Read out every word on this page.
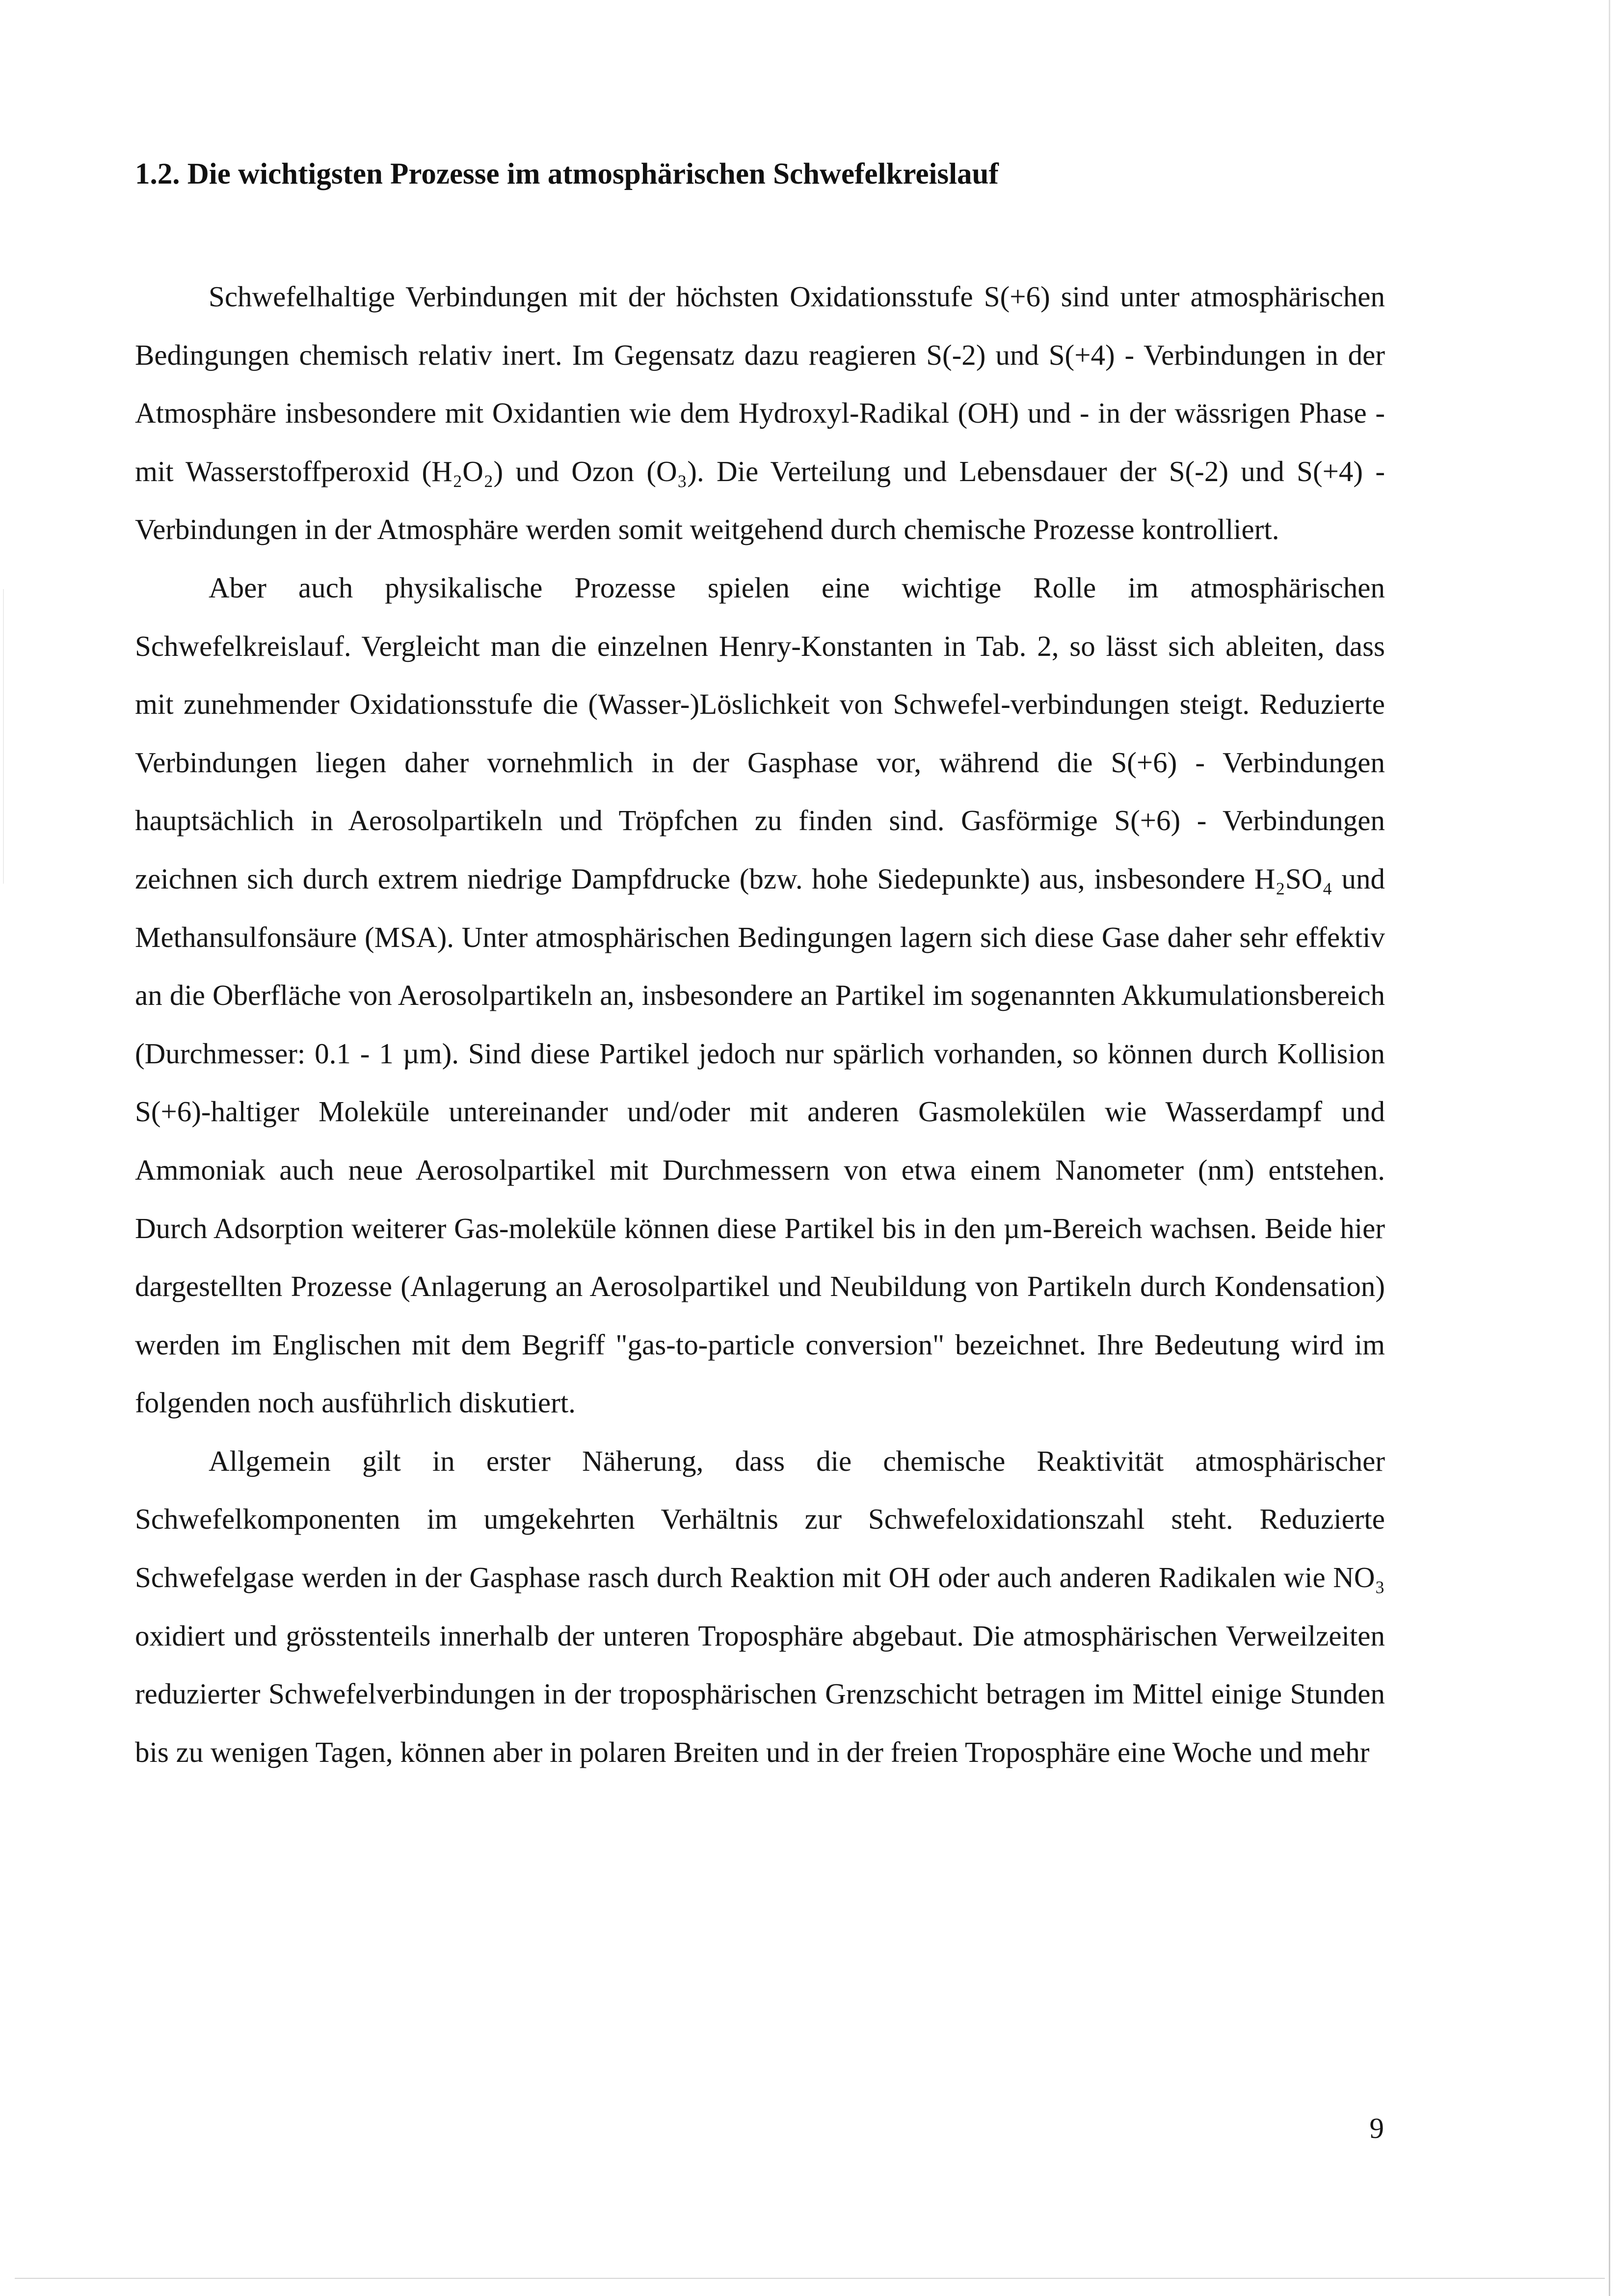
1.2. Die wichtigsten Prozesse im atmosphärischen Schwefelkreislauf

Schwefelhaltige Verbindungen mit der höchsten Oxidationsstufe S(+6) sind unter atmosphärischen Bedingungen chemisch relativ inert. Im Gegensatz dazu reagieren S(-2) und S(+4) - Verbindungen in der Atmosphäre insbesondere mit Oxidantien wie dem Hydroxyl-Radikal (OH) und - in der wässrigen Phase - mit Wasserstoffperoxid (H₂O₂) und Ozon (O₃). Die Verteilung und Lebensdauer der S(-2) und S(+4) - Verbindungen in der Atmosphäre werden somit weitgehend durch chemische Prozesse kontrolliert.

Aber auch physikalische Prozesse spielen eine wichtige Rolle im atmosphärischen Schwefelkreislauf. Vergleicht man die einzelnen Henry-Konstanten in Tab. 2, so lässt sich ableiten, dass mit zunehmender Oxidationsstufe die (Wasser-)Löslichkeit von Schwefel-verbindungen steigt. Reduzierte Verbindungen liegen daher vornehmlich in der Gasphase vor, während die S(+6) - Verbindungen hauptsächlich in Aerosolpartikeln und Tröpfchen zu finden sind. Gasförmige S(+6) - Verbindungen zeichnen sich durch extrem niedrige Dampfdrucke (bzw. hohe Siedepunkte) aus, insbesondere H₂SO₄ und Methansulfonsäure (MSA). Unter atmosphärischen Bedingungen lagern sich diese Gase daher sehr effektiv an die Oberfläche von Aerosolpartikeln an, insbesondere an Partikel im sogenannten Akkumulationsbereich (Durchmesser: 0.1 - 1 µm). Sind diese Partikel jedoch nur spärlich vorhanden, so können durch Kollision S(+6)-haltiger Moleküle untereinander und/oder mit anderen Gasmolekülen wie Wasserdampf und Ammoniak auch neue Aerosolpartikel mit Durchmessern von etwa einem Nanometer (nm) entstehen. Durch Adsorption weiterer Gas-moleküle können diese Partikel bis in den µm-Bereich wachsen. Beide hier dargestellten Prozesse (Anlagerung an Aerosolpartikel und Neubildung von Partikeln durch Kondensation) werden im Englischen mit dem Begriff "gas-to-particle conversion" bezeichnet. Ihre Bedeutung wird im folgenden noch ausführlich diskutiert.

Allgemein gilt in erster Näherung, dass die chemische Reaktivität atmosphärischer Schwefelkomponenten im umgekehrten Verhältnis zur Schwefeloxidationszahl steht. Reduzierte Schwefelgase werden in der Gasphase rasch durch Reaktion mit OH oder auch anderen Radikalen wie NO₃ oxidiert und grösstenteils innerhalb der unteren Troposphäre abgebaut. Die atmosphärischen Verweilzeiten reduzierter Schwefelverbindungen in der troposphärischen Grenzschicht betragen im Mittel einige Stunden bis zu wenigen Tagen, können aber in polaren Breiten und in der freien Troposphäre eine Woche und mehr

9
